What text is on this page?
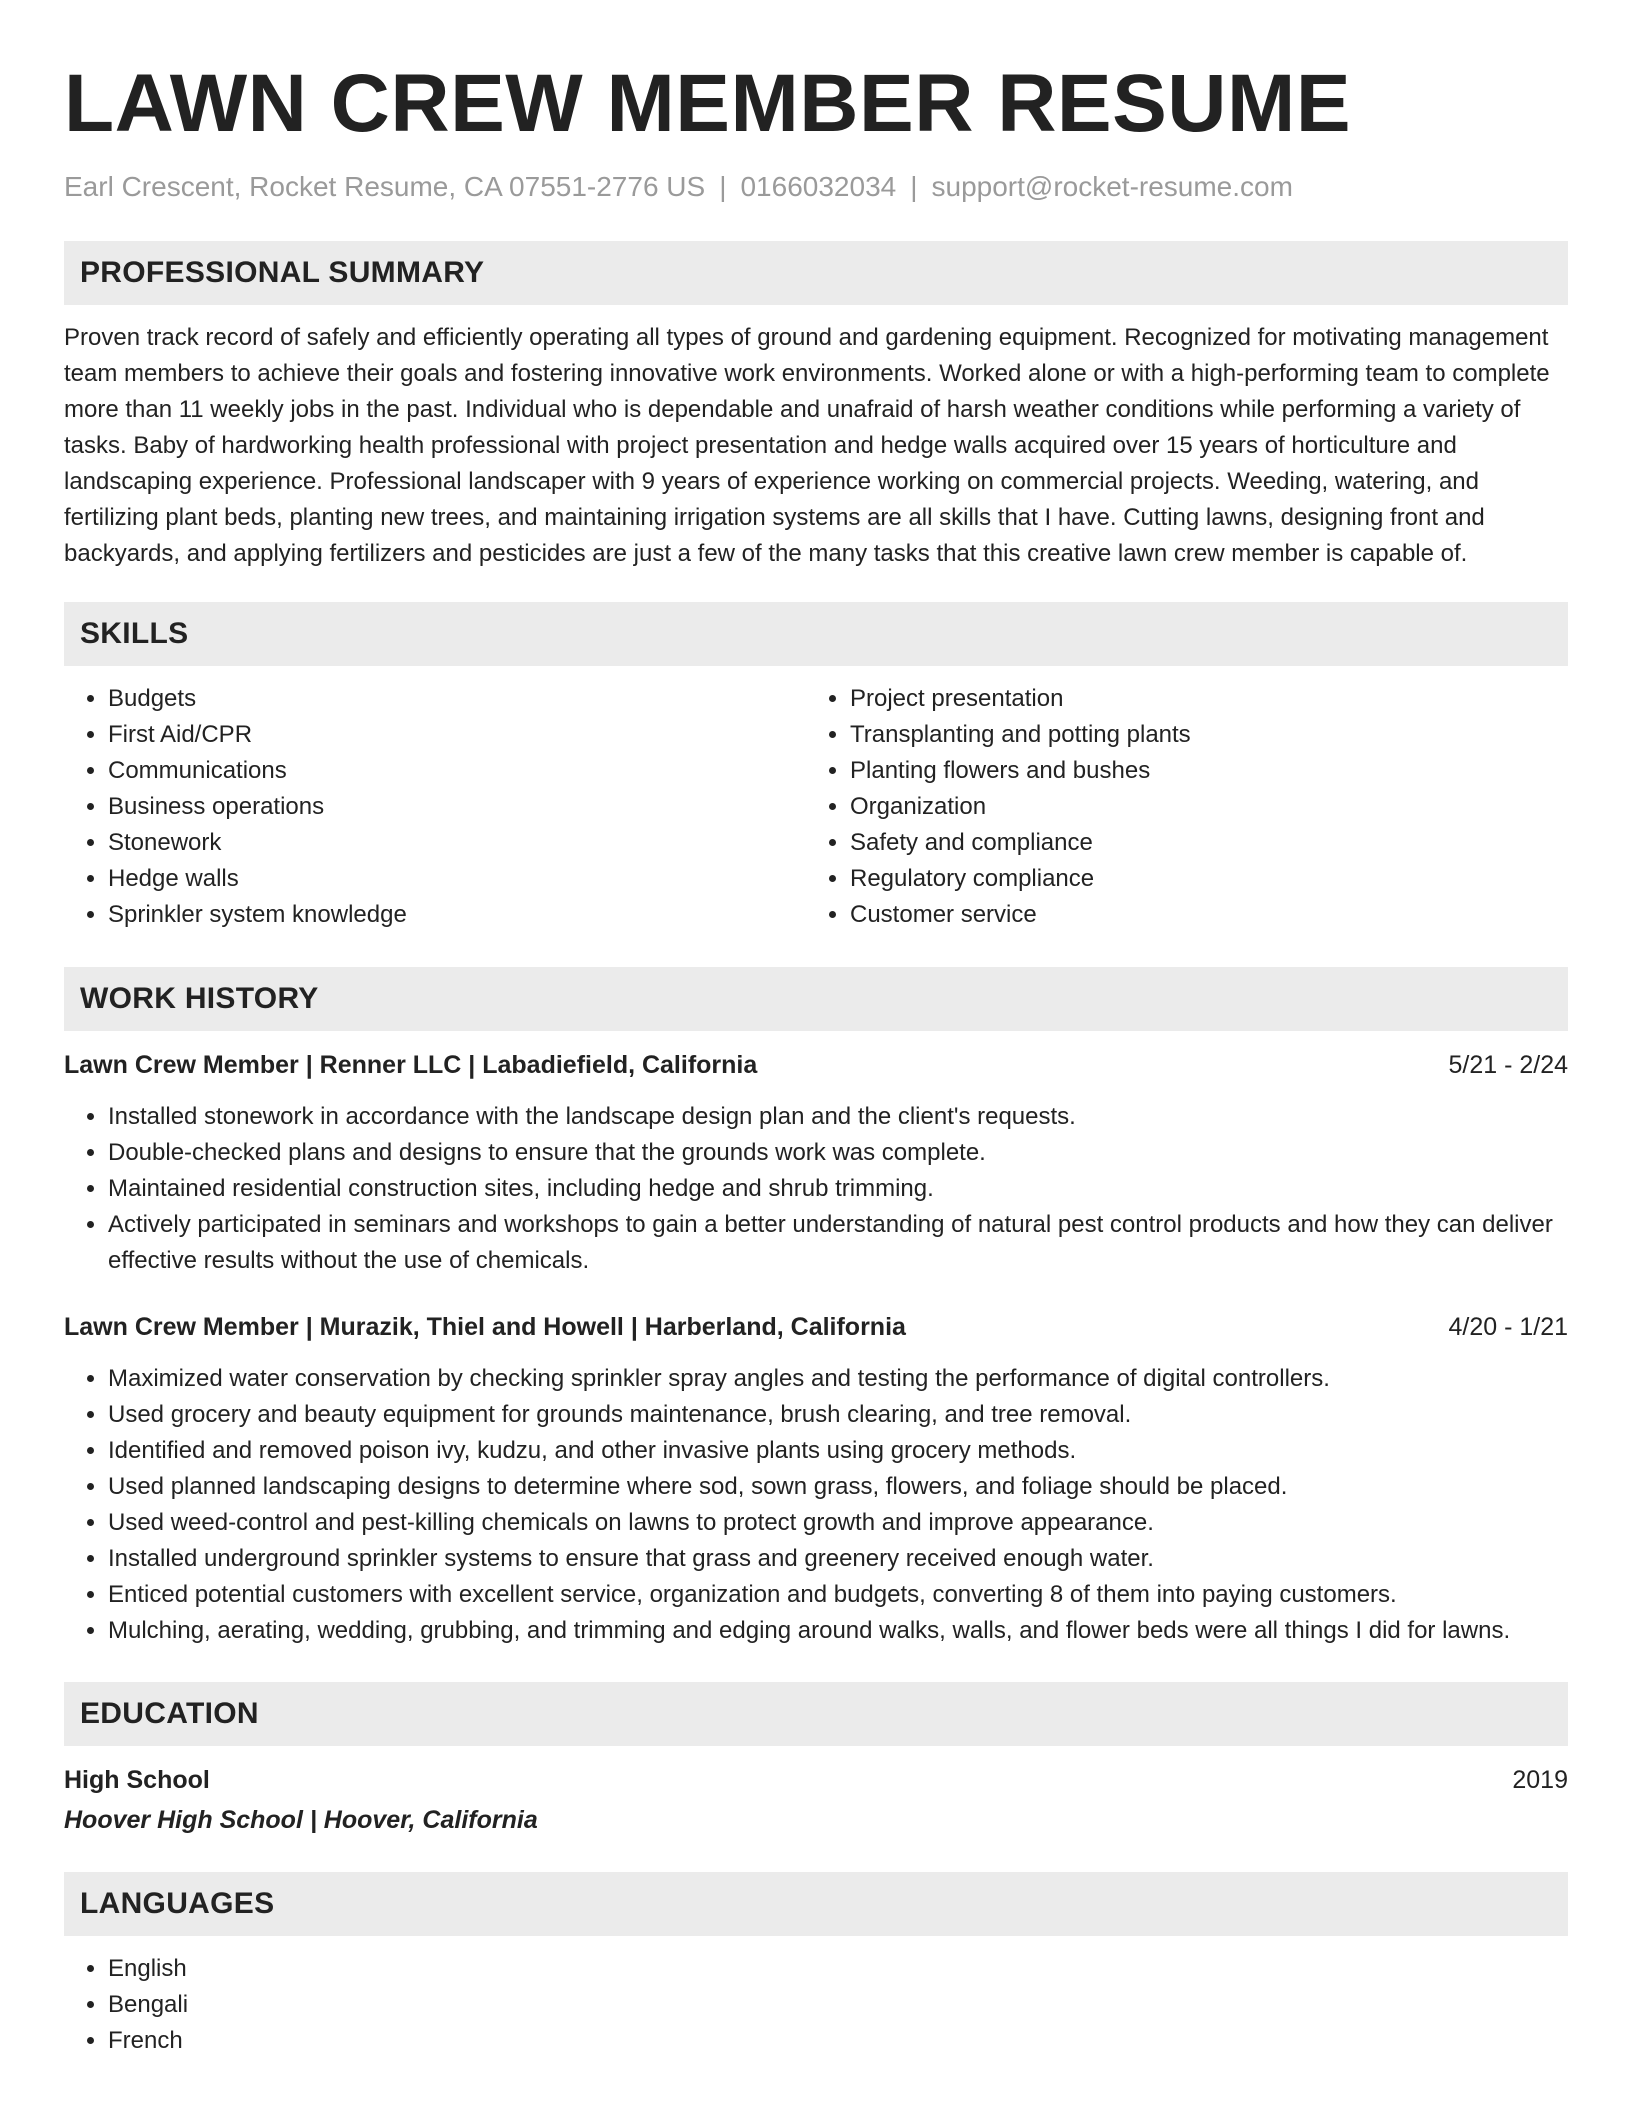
LAWN CREW MEMBER RESUME
Earl Crescent, Rocket Resume, CA 07551-2776 US | 0166032034 | support@rocket-resume.com
PROFESSIONAL SUMMARY

Proven track record of safely and efficiently operating all types of ground and gardening equipment. Recognized for motivating management team members to achieve their goals and fostering innovative work environments. Worked alone or with a high-performing team to complete more than 11 weekly jobs in the past. Individual who is dependable and unafraid of harsh weather conditions while performing a variety of tasks. Baby of hardworking health professional with project presentation and hedge walls acquired over 15 years of horticulture and landscaping experience. Professional landscaper with 9 years of experience working on commercial projects. Weeding, watering, and fertilizing plant beds, planting new trees, and maintaining irrigation systems are all skills that I have. Cutting lawns, designing front and backyards, and applying fertilizers and pesticides are just a few of the many tasks that this creative lawn crew member is capable of.

SKILLS
• Budgets
• First Aid/CPR
• Communications
• Business operations
• Stonework
• Hedge walls
• Sprinkler system knowledge
• Project presentation
• Transplanting and potting plants
• Planting flowers and bushes
• Organization
• Safety and compliance
• Regulatory compliance
• Customer service
WORK HISTORY
Lawn Crew Member | Renner LLC | Labadiefield, California	5/21 - 2/24
• Installed stonework in accordance with the landscape design plan and the client's requests.
• Double-checked plans and designs to ensure that the grounds work was complete.
• Maintained residential construction sites, including hedge and shrub trimming.
• Actively participated in seminars and workshops to gain a better understanding of natural pest control products and how they can deliver effective results without the use of chemicals.
Lawn Crew Member | Murazik, Thiel and Howell | Harberland, California	4/20 - 1/21
• Maximized water conservation by checking sprinkler spray angles and testing the performance of digital controllers.
• Used grocery and beauty equipment for grounds maintenance, brush clearing, and tree removal.
• Identified and removed poison ivy, kudzu, and other invasive plants using grocery methods.
• Used planned landscaping designs to determine where sod, sown grass, flowers, and foliage should be placed.
• Used weed-control and pest-killing chemicals on lawns to protect growth and improve appearance.
• Installed underground sprinkler systems to ensure that grass and greenery received enough water.
• Enticed potential customers with excellent service, organization and budgets, converting 8 of them into paying customers.
• Mulching, aerating, wedding, grubbing, and trimming and edging around walks, walls, and flower beds were all things I did for lawns.
EDUCATION
High School	2019
Hoover High School | Hoover, California
LANGUAGES
• English
• Bengali
• French
